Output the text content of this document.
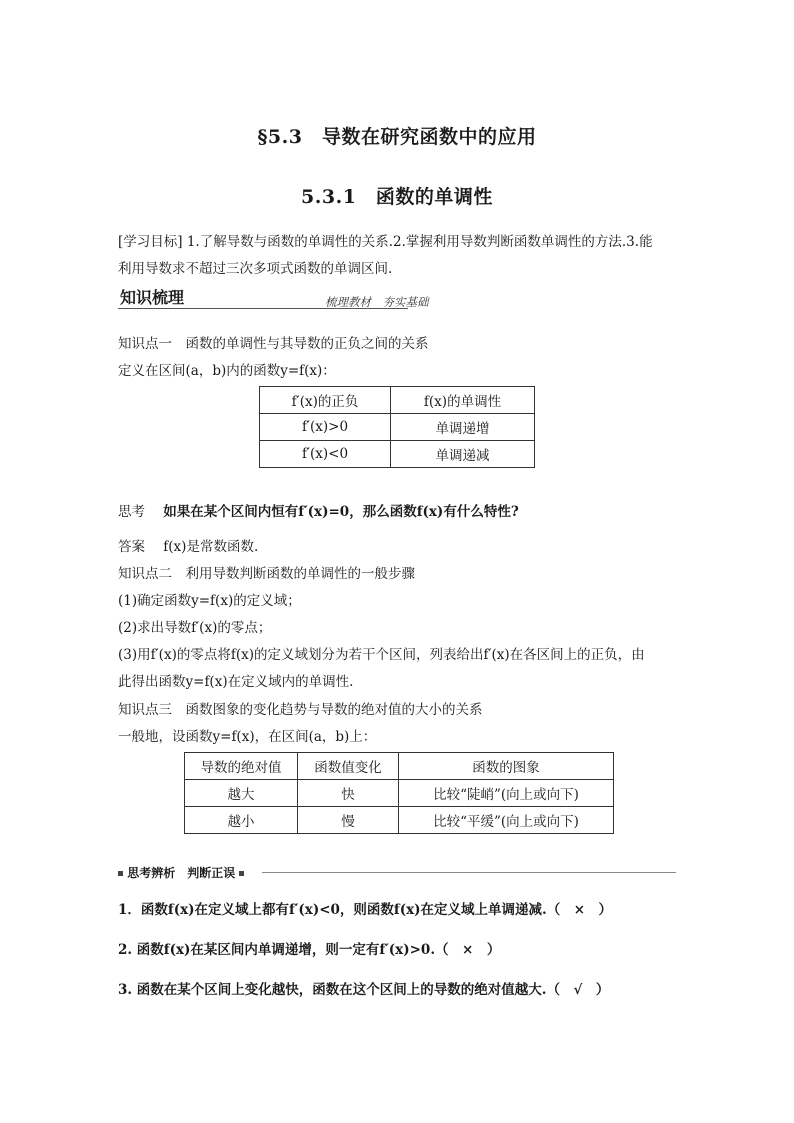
§5.3　导数在研究函数中的应用
5.3.1　函数的单调性
[学习目标] 1.了解导数与函数的单调性的关系.2.掌握利用导数判断函数单调性的方法.3.能
利用导数求不超过三次多项式函数的单调区间.
知识梳理	梳理教材　夯实基础
知识点一　函数的单调性与其导数的正负之间的关系
定义在区间(a，b)内的函数y=f(x)：
f′(x)的正负	f(x)的单调性
f′(x)>0	单调递增
f′(x)<0	单调递减
思考 如果在某个区间内恒有f′(x)=0，那么函数f(x)有什么特性?
答案 f(x)是常数函数.
知识点二　利用导数判断函数的单调性的一般步骤
(1)确定函数y=f(x)的定义域；
(2)求出导数f′(x)的零点；
(3)用f′(x)的零点将f(x)的定义域划分为若干个区间，列表给出f′(x)在各区间上的正负，由
此得出函数y=f(x)在定义域内的单调性.
知识点三　函数图象的变化趋势与导数的绝对值的大小的关系
一般地，设函数y=f(x)，在区间(a，b)上：
导数的绝对值	函数值变化	函数的图象
越大	快	比较“陡峭”(向上或向下)
越小	慢	比较“平缓”(向上或向下)
思考辨析　判断正误
1．函数f(x)在定义域上都有f′(x)<0，则函数f(x)在定义域上单调递减.（　×　）
2. 函数f(x)在某区间内单调递增，则一定有f′(x)>0.（　×　）
3. 函数在某个区间上变化越快，函数在这个区间上的导数的绝对值越大.（　√　）
